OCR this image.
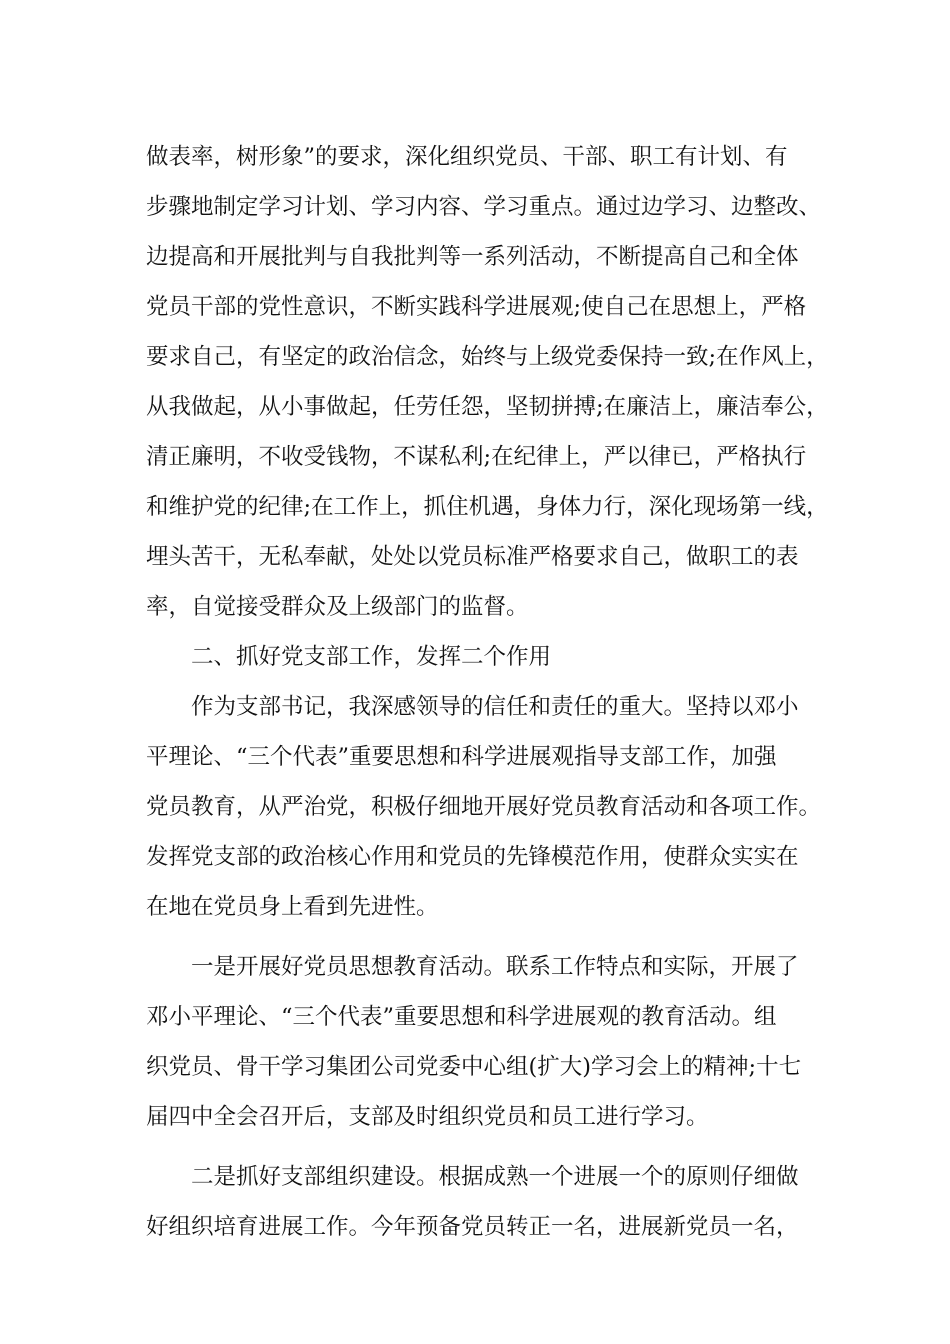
做表率，树形象”的要求，深化组织党员、干部、职工有计划、有
步骤地制定学习计划、学习内容、学习重点。通过边学习、边整改、
边提高和开展批判与自我批判等一系列活动，不断提高自己和全体
党员干部的党性意识，不断实践科学进展观;使自己在思想上，严格
要求自己，有坚定的政治信念，始终与上级党委保持一致;在作风上，
从我做起，从小事做起，任劳任怨，坚韧拼搏;在廉洁上，廉洁奉公，
清正廉明，不收受钱物，不谋私利;在纪律上，严以律已，严格执行
和维护党的纪律;在工作上，抓住机遇，身体力行，深化现场第一线，
埋头苦干，无私奉献，处处以党员标准严格要求自己，做职工的表
率，自觉接受群众及上级部门的监督。
二、抓好党支部工作，发挥二个作用
作为支部书记，我深感领导的信任和责任的重大。坚持以邓小
平理论、“三个代表”重要思想和科学进展观指导支部工作，加强
党员教育，从严治党，积极仔细地开展好党员教育活动和各项工作。
发挥党支部的政治核心作用和党员的先锋模范作用，使群众实实在
在地在党员身上看到先进性。
一是开展好党员思想教育活动。联系工作特点和实际，开展了
邓小平理论、“三个代表”重要思想和科学进展观的教育活动。组
织党员、骨干学习集团公司党委中心组(扩大)学习会上的精神;十七
届四中全会召开后，支部及时组织党员和员工进行学习。
二是抓好支部组织建设。根据成熟一个进展一个的原则仔细做
好组织培育进展工作。今年预备党员转正一名，进展新党员一名，
